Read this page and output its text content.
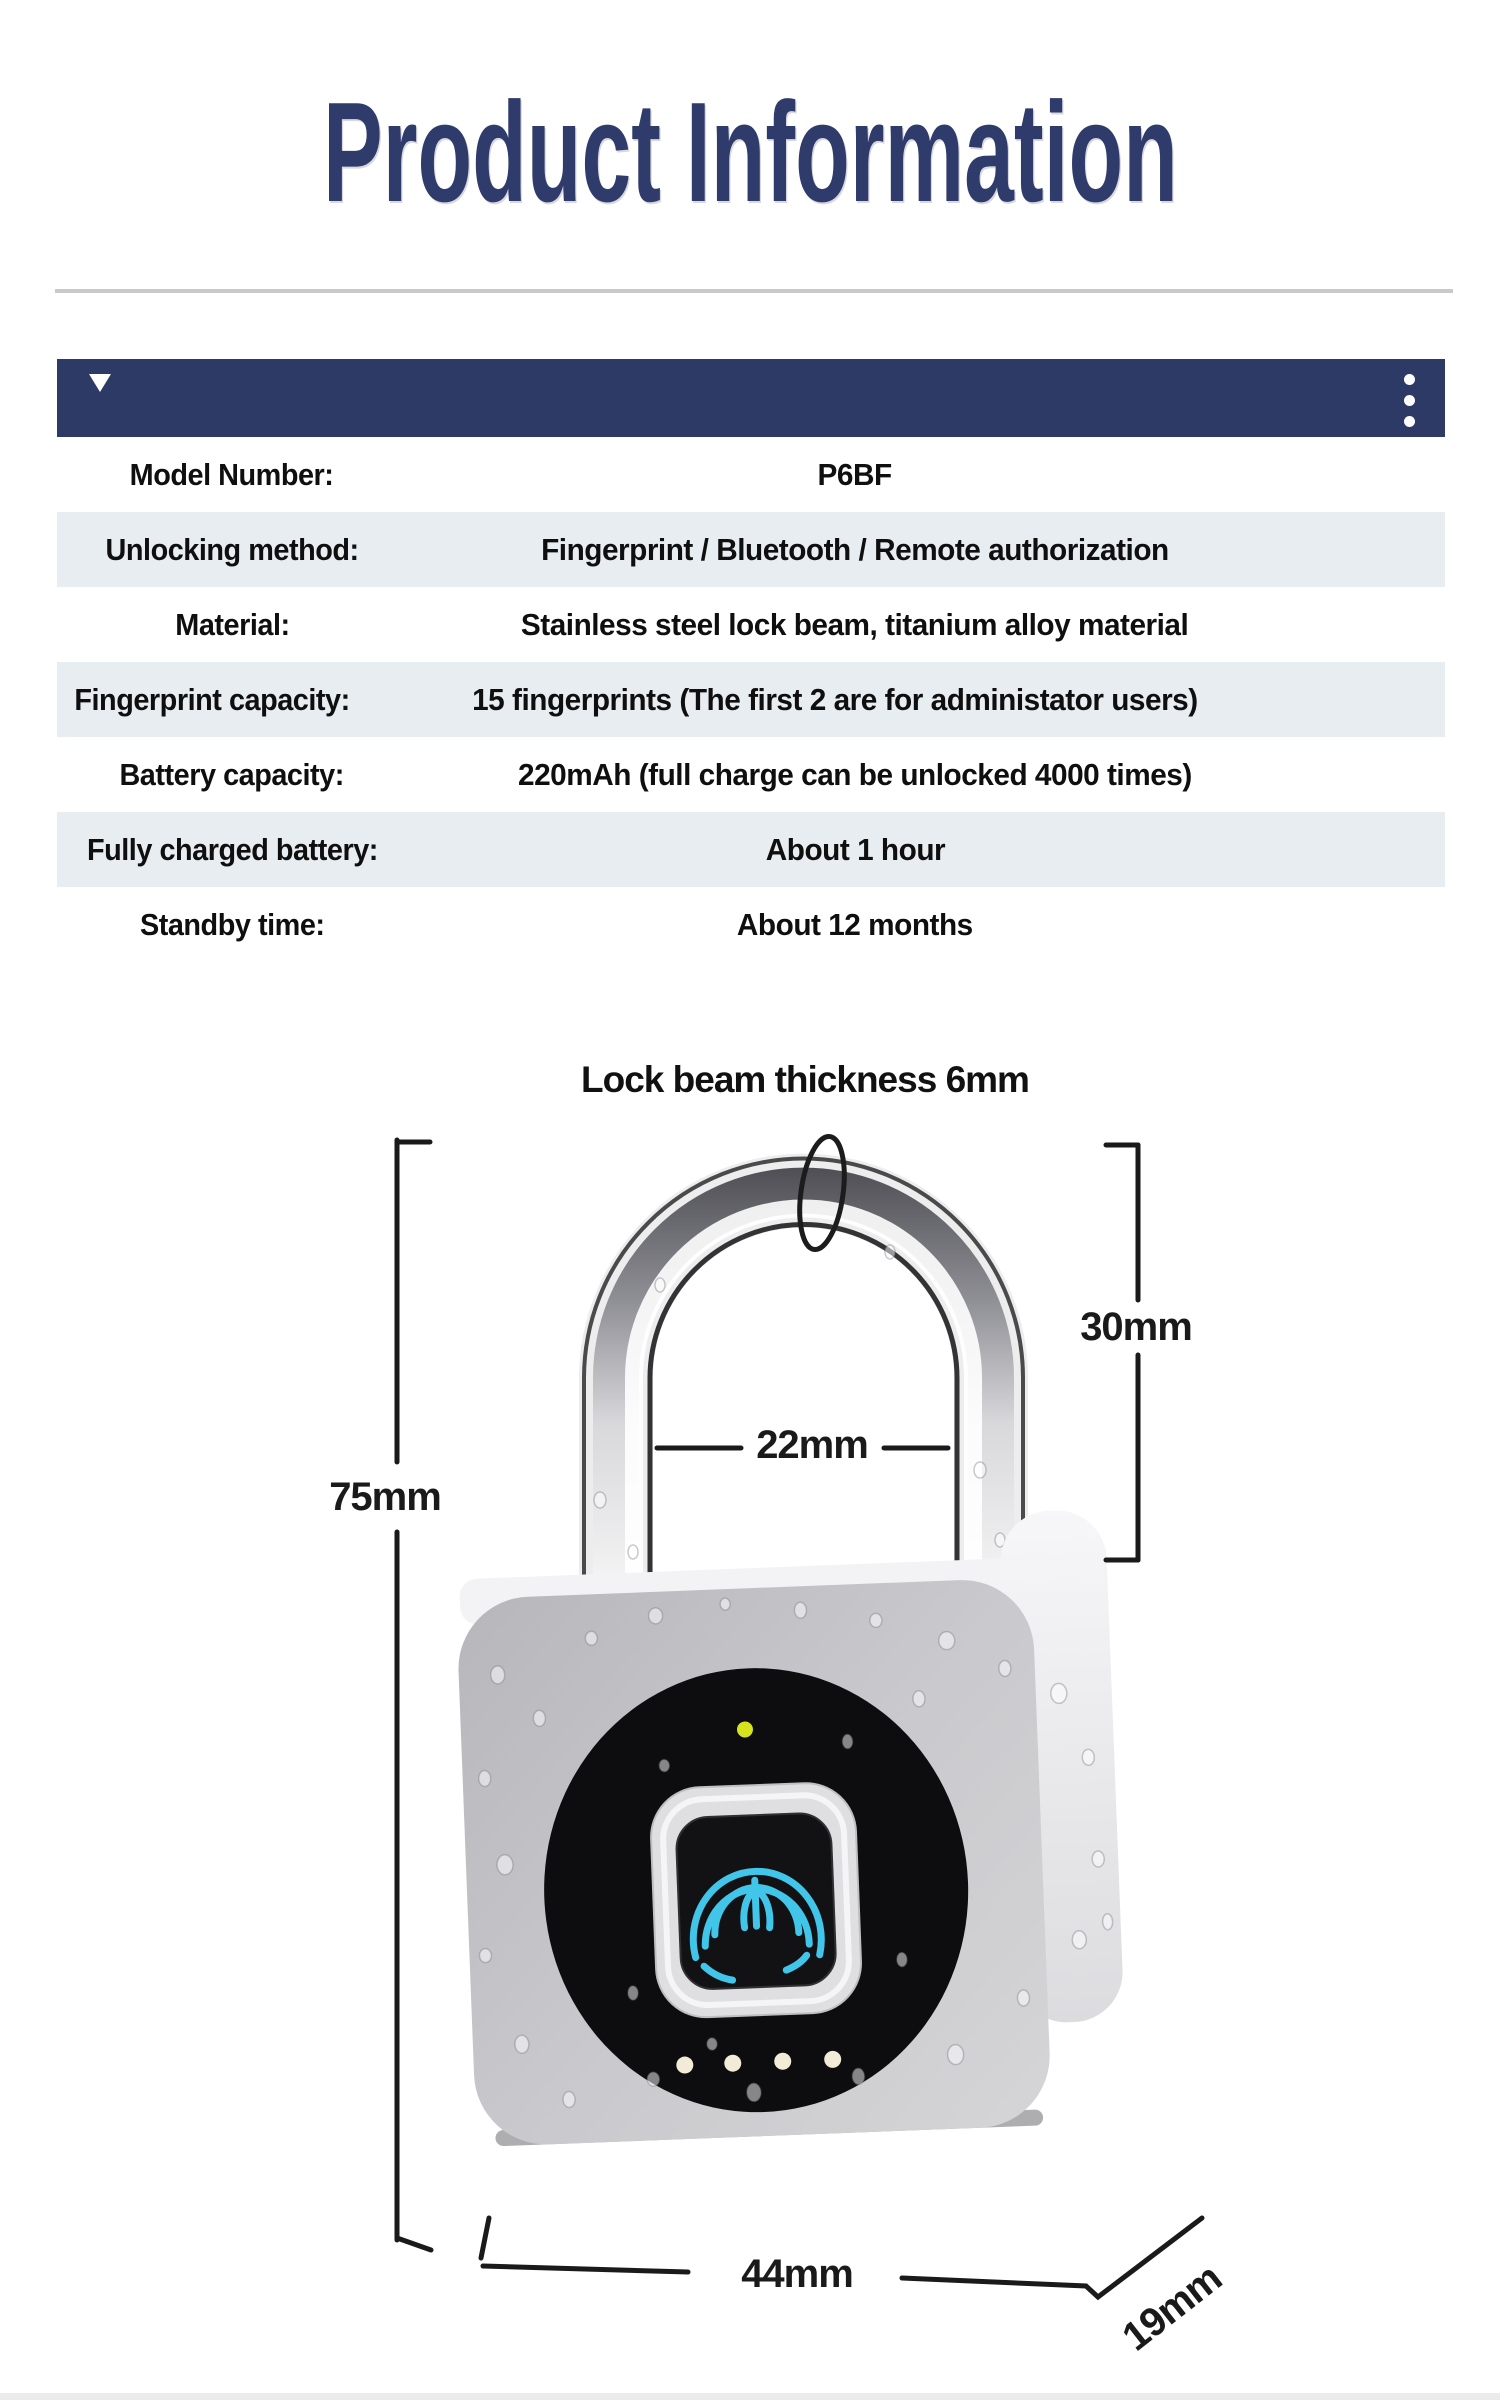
Product Information
Model Number:	P6BF
Unlocking method:	Fingerprint / Bluetooth / Remote authorization
Material:	Stainless steel lock beam, titanium alloy material
Fingerprint capacity:	15 fingerprints (The first 2 are for administator users)
Battery capacity:	220mAh (full charge can be unlocked 4000 times)
Fully charged battery:	About 1 hour
Standby time:	About 12 months
Lock beam thickness 6mm
75mm
30mm
22mm
44mm	19mm
